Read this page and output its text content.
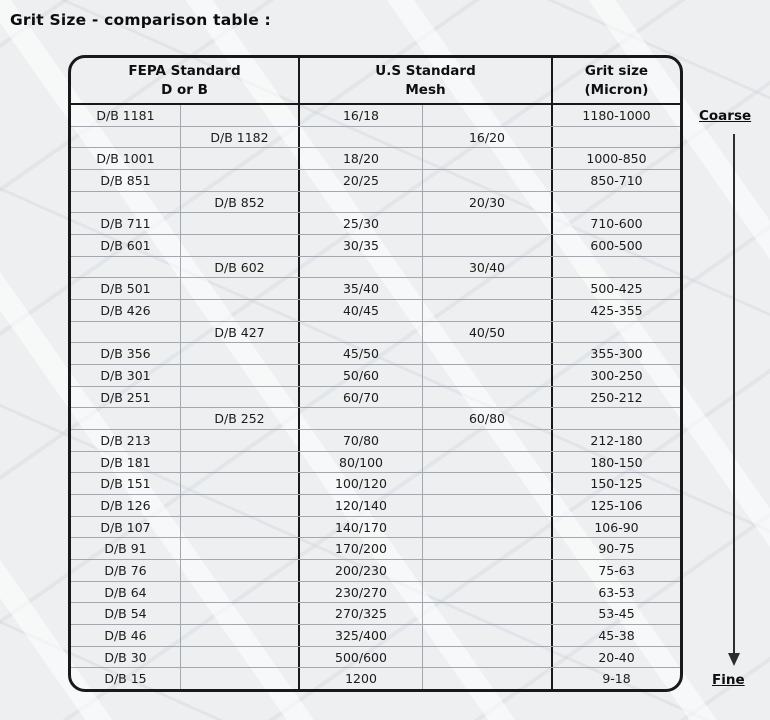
Grit Size - comparison table :
FEPA Standard
D or B
U.S Standard
Mesh
Grit size
(Micron)
D/B 1181	16/18	1180-1000
D/B 1182	16/20
D/B 1001	18/20	1000-850
D/B 851	20/25	850-710
D/B 852	20/30
D/B 711	25/30	710-600
D/B 601	30/35	600-500
D/B 602	30/40
D/B 501	35/40	500-425
D/B 426	40/45	425-355
D/B 427	40/50
D/B 356	45/50	355-300
D/B 301	50/60	300-250
D/B 251	60/70	250-212
D/B 252	60/80
D/B 213	70/80	212-180
D/B 181	80/100	180-150
D/B 151	100/120	150-125
D/B 126	120/140	125-106
D/B 107	140/170	106-90
D/B 91	170/200	90-75
D/B 76	200/230	75-63
D/B 64	230/270	63-53
D/B 54	270/325	53-45
D/B 46	325/400	45-38
D/B 30	500/600	20-40
D/B 15	1200	9-18
Coarse
Fine
